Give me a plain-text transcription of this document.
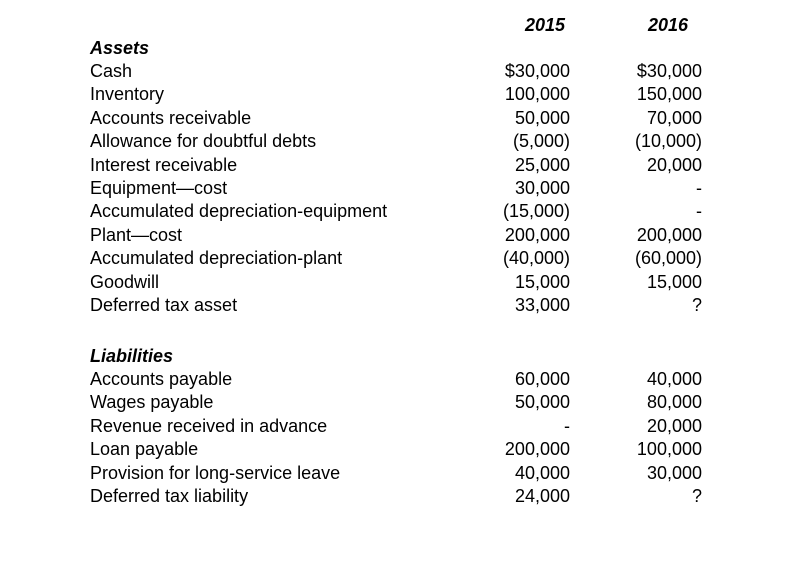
2015	2016
Assets
Cash	$30,000	$30,000
Inventory	100,000	150,000
Accounts receivable	50,000	70,000
Allowance for doubtful debts	(5,000)	(10,000)
Interest receivable	25,000	20,000
Equipment—cost	30,000	-
Accumulated depreciation-equipment	(15,000)	-
Plant—cost	200,000	200,000
Accumulated depreciation-plant	(40,000)	(60,000)
Goodwill	15,000	15,000
Deferred tax asset	33,000	?
Liabilities
Accounts payable	60,000	40,000
Wages payable	50,000	80,000
Revenue received in advance	-	20,000
Loan payable	200,000	100,000
Provision for long-service leave	40,000	30,000
Deferred tax liability	24,000	?
